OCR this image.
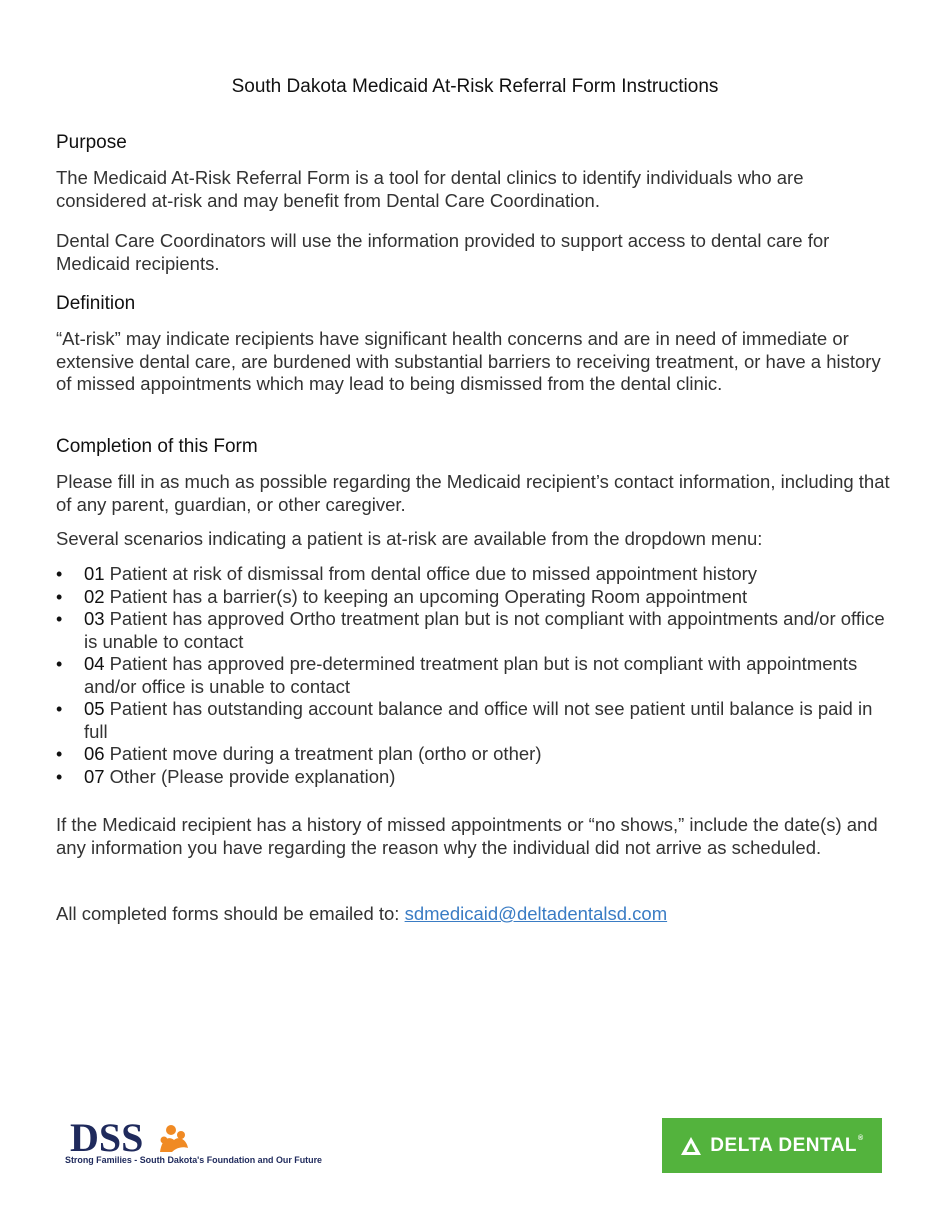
South Dakota Medicaid At-Risk Referral Form Instructions
Purpose
The Medicaid At-Risk Referral Form is a tool for dental clinics to identify individuals who are considered at-risk and may benefit from Dental Care Coordination.
Dental Care Coordinators will use the information provided to support access to dental care for Medicaid recipients.
Definition
“At-risk” may indicate recipients have significant health concerns and are in need of immediate or extensive dental care, are burdened with substantial barriers to receiving treatment, or have a history of missed appointments which may lead to being dismissed from the dental clinic.
Completion of this Form
Please fill in as much as possible regarding the Medicaid recipient’s contact information, including that of any parent, guardian, or other caregiver.
Several scenarios indicating a patient is at-risk are available from the dropdown menu:
• 01 Patient at risk of dismissal from dental office due to missed appointment history
• 02 Patient has a barrier(s) to keeping an upcoming Operating Room appointment
• 03 Patient has approved Ortho treatment plan but is not compliant with appointments and/or office is unable to contact
• 04 Patient has approved pre-determined treatment plan but is not compliant with appointments and/or office is unable to contact
• 05 Patient has outstanding account balance and office will not see patient until balance is paid in full
• 06 Patient move during a treatment plan (ortho or other)
• 07 Other (Please provide explanation)
If the Medicaid recipient has a history of missed appointments or “no shows,” include the date(s) and any information you have regarding the reason why the individual did not arrive as scheduled.
All completed forms should be emailed to: sdmedicaid@deltadentalsd.com
DSS
Strong Families - South Dakota's Foundation and Our Future
DELTA DENTAL®
